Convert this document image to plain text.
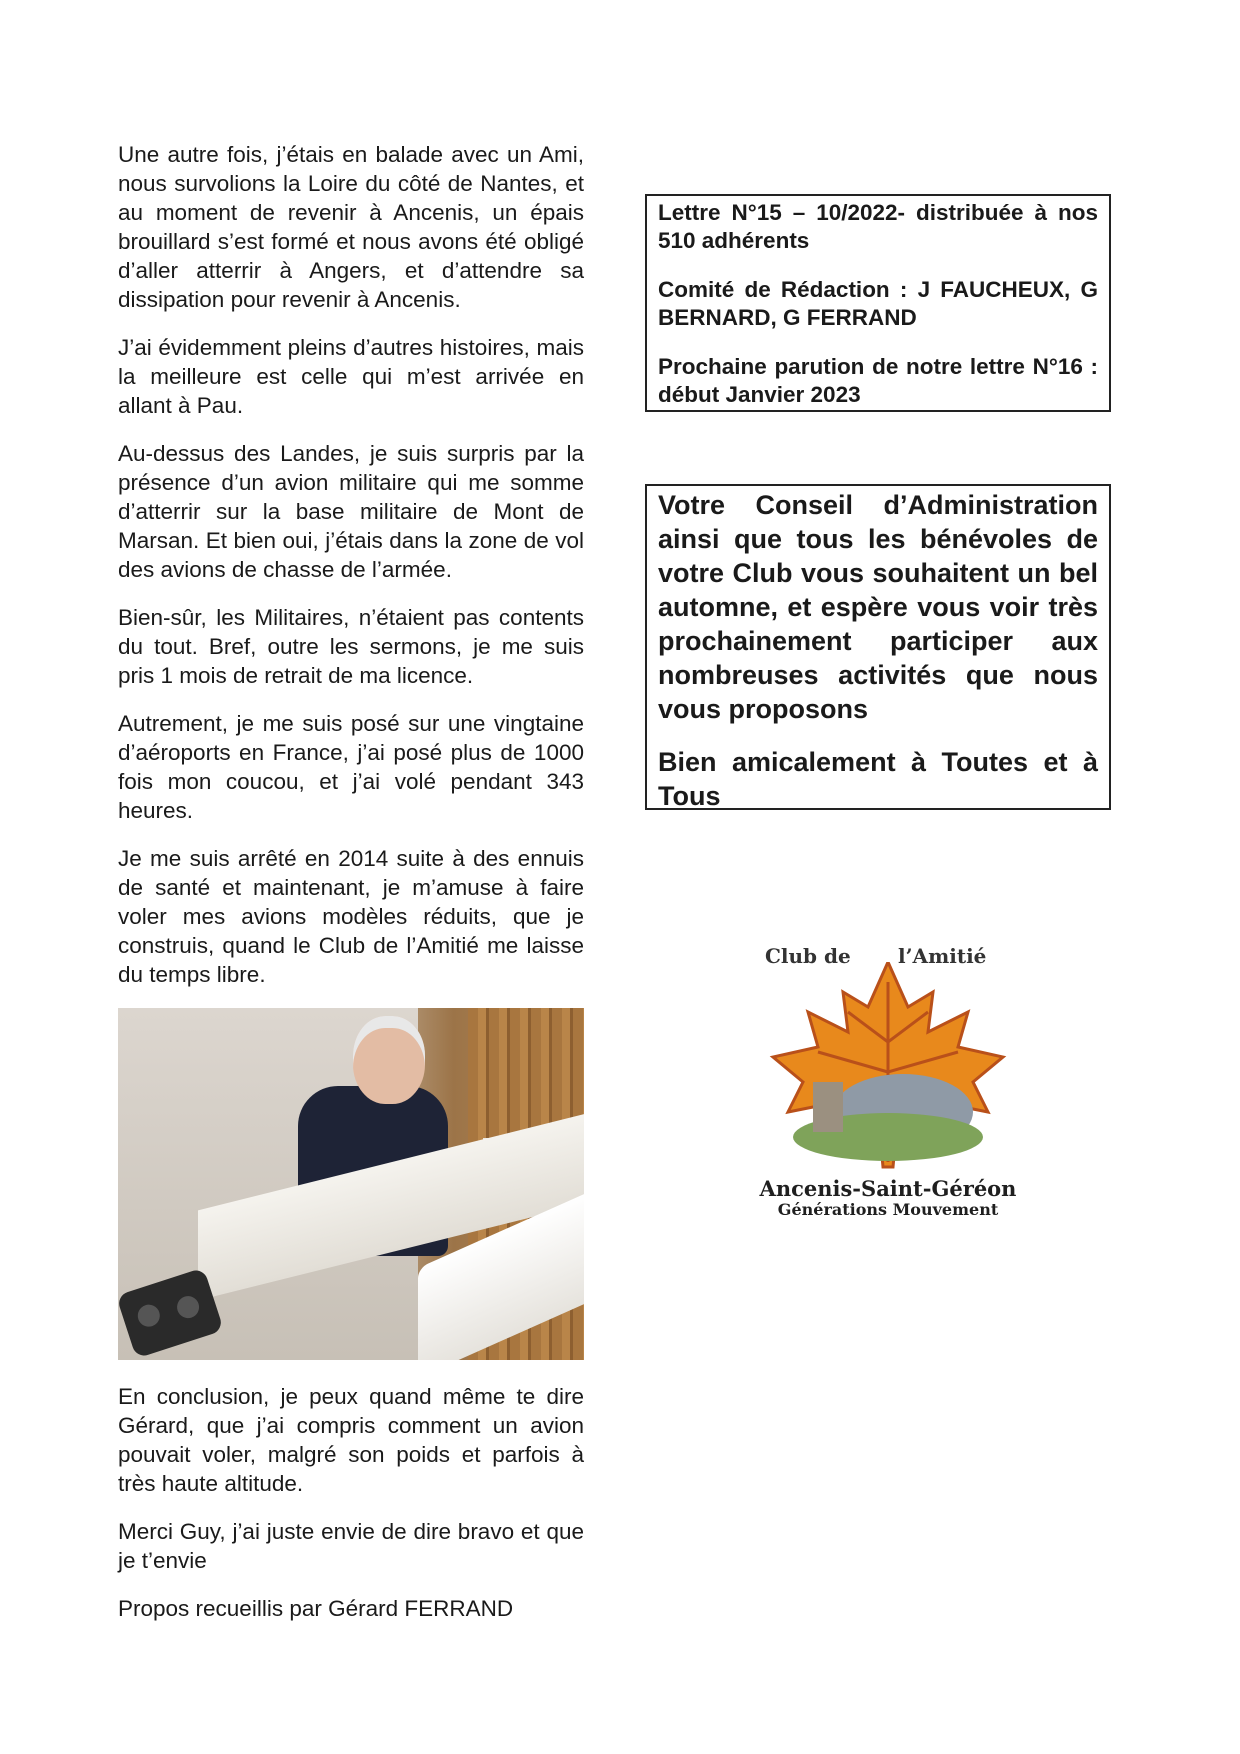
Une autre fois, j’étais en balade avec un Ami, nous survolions la Loire du côté de Nantes, et au moment de revenir à Ancenis, un épais brouillard s’est formé et nous avons été obligé d’aller atterrir à Angers, et d’attendre sa dissipation pour revenir à Ancenis.

J’ai évidemment pleins d’autres histoires, mais la meilleure est celle qui m’est arrivée en allant à Pau.

Au-dessus des Landes, je suis surpris par la présence d’un avion militaire qui me somme d’atterrir sur la base militaire de Mont de Marsan. Et bien oui, j’étais dans la zone de vol des avions de chasse de l’armée.

Bien-sûr, les Militaires, n’étaient pas contents du tout. Bref, outre les sermons, je me suis pris 1 mois de retrait de ma licence.

Autrement, je me suis posé sur une vingtaine d’aéroports en France, j’ai posé plus de 1000 fois mon coucou, et j’ai volé pendant 343 heures.

Je me suis arrêté en 2014 suite à des ennuis de santé et maintenant, je m’amuse à faire voler mes avions modèles réduits, que je construis, quand le Club de l’Amitié me laisse du temps libre.

En conclusion, je peux quand même te dire Gérard, que j’ai compris comment un avion pouvait voler, malgré son poids et parfois à très haute altitude.

Merci Guy, j’ai juste envie de dire bravo et que je t’envie

Propos recueillis par Gérard FERRAND

Lettre N°15 – 10/2022- distribuée à nos 510 adhérents

Comité de Rédaction : J FAUCHEUX, G BERNARD, G FERRAND

Prochaine parution de notre lettre N°16 : début Janvier 2023

Votre Conseil d’Administration ainsi que tous les bénévoles de votre Club vous souhaitent un bel automne, et espère vous voir très prochainement participer aux nombreuses activités que nous vous proposons

Bien amicalement à Toutes et à Tous

Club de l’Amitié
Ancenis-Saint-Géréon
Générations Mouvement
